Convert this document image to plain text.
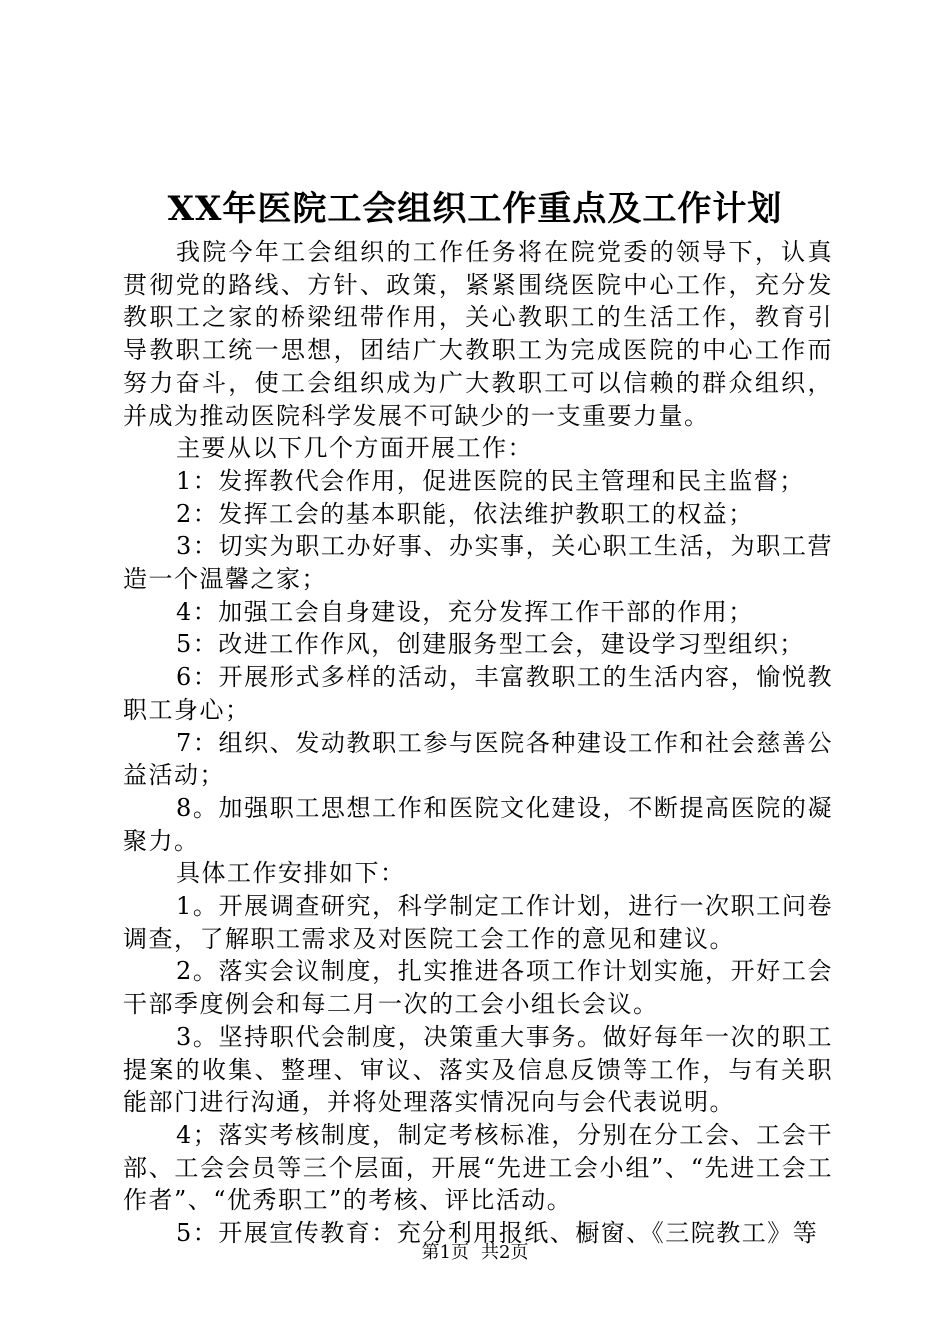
XX年医院工会组织工作重点及工作计划

我院今年工会组织的工作任务将在院党委的领导下，认真贯彻党的路线、方针、政策，紧紧围绕医院中心工作，充分发教职工之家的桥梁纽带作用，关心教职工的生活工作，教育引导教职工统一思想，团结广大教职工为完成医院的中心工作而努力奋斗，使工会组织成为广大教职工可以信赖的群众组织，并成为推动医院科学发展不可缺少的一支重要力量。

主要从以下几个方面开展工作：

1：发挥教代会作用，促进医院的民主管理和民主监督；

2：发挥工会的基本职能，依法维护教职工的权益；

3：切实为职工办好事、办实事，关心职工生活，为职工营造一个温馨之家；

4：加强工会自身建设，充分发挥工作干部的作用；

5：改进工作作风，创建服务型工会，建设学习型组织；

6：开展形式多样的活动，丰富教职工的生活内容，愉悦教职工身心；

7：组织、发动教职工参与医院各种建设工作和社会慈善公益活动；

8。加强职工思想工作和医院文化建设，不断提高医院的凝聚力。

具体工作安排如下：

1。开展调查研究，科学制定工作计划，进行一次职工问卷调查，了解职工需求及对医院工会工作的意见和建议。

2。落实会议制度，扎实推进各项工作计划实施，开好工会干部季度例会和每二月一次的工会小组长会议。

3。坚持职代会制度，决策重大事务。做好每年一次的职工提案的收集、整理、审议、落实及信息反馈等工作，与有关职能部门进行沟通，并将处理落实情况向与会代表说明。

4；落实考核制度，制定考核标准，分别在分工会、工会干部、工会会员等三个层面，开展“先进工会小组”、“先进工会工作者”、“优秀职工”的考核、评比活动。

5：开展宣传教育：充分利用报纸、橱窗、《三院教工》等

第1页 共2页
